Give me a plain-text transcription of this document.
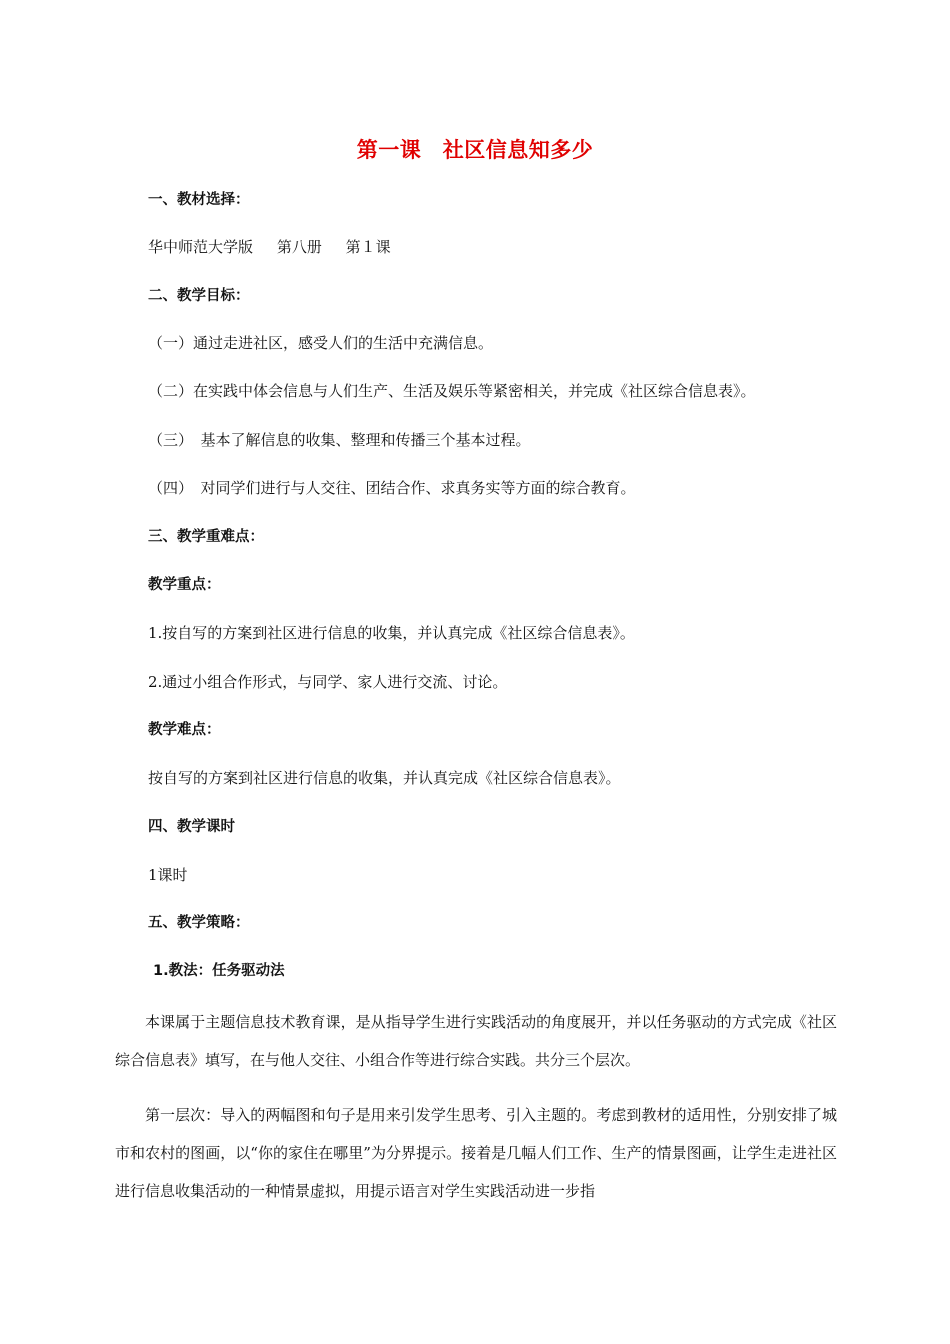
第一课　社区信息知多少
一、教材选择：
华中师范大学版     第八册     第１课
二、教学目标：
（一）通过走进社区，感受人们的生活中充满信息。
（二）在实践中体会信息与人们生产、生活及娱乐等紧密相关，并完成《社区综合信息表》。
（三）　基本了解信息的收集、整理和传播三个基本过程。
（四）　对同学们进行与人交往、团结合作、求真务实等方面的综合教育。
三、教学重难点：
教学重点：
1.按自写的方案到社区进行信息的收集，并认真完成《社区综合信息表》。
2.通过小组合作形式，与同学、家人进行交流、讨论。
教学难点：
按自写的方案到社区进行信息的收集，并认真完成《社区综合信息表》。
四、教学课时
1课时
五、教学策略：
1.教法：任务驱动法
本课属于主题信息技术教育课，是从指导学生进行实践活动的角度展开，并以任务驱动的方式完成《社区综合信息表》填写，在与他人交往、小组合作等进行综合实践。共分三个层次。
第一层次：导入的两幅图和句子是用来引发学生思考、引入主题的。考虑到教材的适用性，分别安排了城市和农村的图画，以“你的家住在哪里”为分界提示。接着是几幅人们工作、生产的情景图画，让学生走进社区进行信息收集活动的一种情景虚拟，用提示语言对学生实践活动进一步指
